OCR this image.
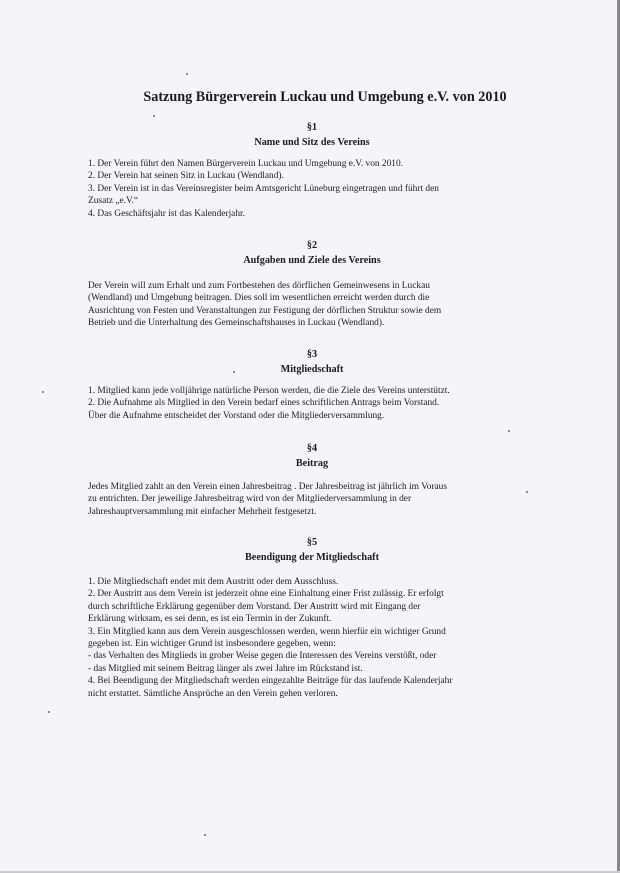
Satzung Bürgerverein Luckau und Umgebung e.V. von 2010
§1
Name und Sitz des Vereins
1. Der Verein führt den Namen Bürgerverein Luckau und Umgebung e.V. von 2010.
2. Der Verein hat seinen Sitz in Luckau (Wendland).
3. Der Verein ist in das Vereinsregister beim Amtsgericht Lüneburg eingetragen und führt den
Zusatz „e.V.“
4. Das Geschäftsjahr ist das Kalenderjahr.
§2
Aufgaben und Ziele des Vereins
Der Verein will zum Erhalt und zum Fortbestehen des dörflichen Gemeinwesens in Luckau
(Wendland) und Umgebung beitragen. Dies soll im wesentlichen erreicht werden durch die
Ausrichtung von Festen und Veranstaltungen zur Festigung der dörflichen Struktur sowie dem
Betrieb und die Unterhaltung des Gemeinschaftshauses in Luckau (Wendland).
§3
Mitgliedschaft
1. Mitglied kann jede volljährige natürliche Person werden, die die Ziele des Vereins unterstützt.
2. Die Aufnahme als Mitglied in den Verein bedarf eines schriftlichen Antrags beim Vorstand.
Über die Aufnahme entscheidet der Vorstand oder die Mitgliederversammlung.
§4
Beitrag
Jedes Mitglied zahlt an den Verein einen Jahresbeitrag . Der Jahresbeitrag ist jährlich im Voraus
zu entrichten. Der jeweilige Jahresbeitrag wird von der Mitgliederversammlung in der
Jahreshauptversammlung mit einfacher Mehrheit festgesetzt.
§5
Beendigung der Mitgliedschaft
1. Die Mitgliedschaft endet mit dem Austritt oder dem Ausschluss.
2. Der Austritt aus dem Verein ist jederzeit ohne eine Einhaltung einer Frist zulässig. Er erfolgt
durch schriftliche Erklärung gegenüber dem Vorstand. Der Austritt wird mit Eingang der
Erklärung wirksam, es sei denn, es ist ein Termin in der Zukunft.
3. Ein Mitglied kann aus dem Verein ausgeschlossen werden, wenn hierfür ein wichtiger Grund
gegeben ist. Ein wichtiger Grund ist insbesondere gegeben, wenn:
- das Verhalten des Mitglieds in grober Weise gegen die Interessen des Vereins verstößt, oder
- das Mitglied mit seinem Beitrag länger als zwei Jahre im Rückstand ist.
4. Bei Beendigung der Mitgliedschaft werden eingezahlte Beiträge für das laufende Kalenderjahr
nicht erstattet. Sämtliche Ansprüche an den Verein gehen verloren.
